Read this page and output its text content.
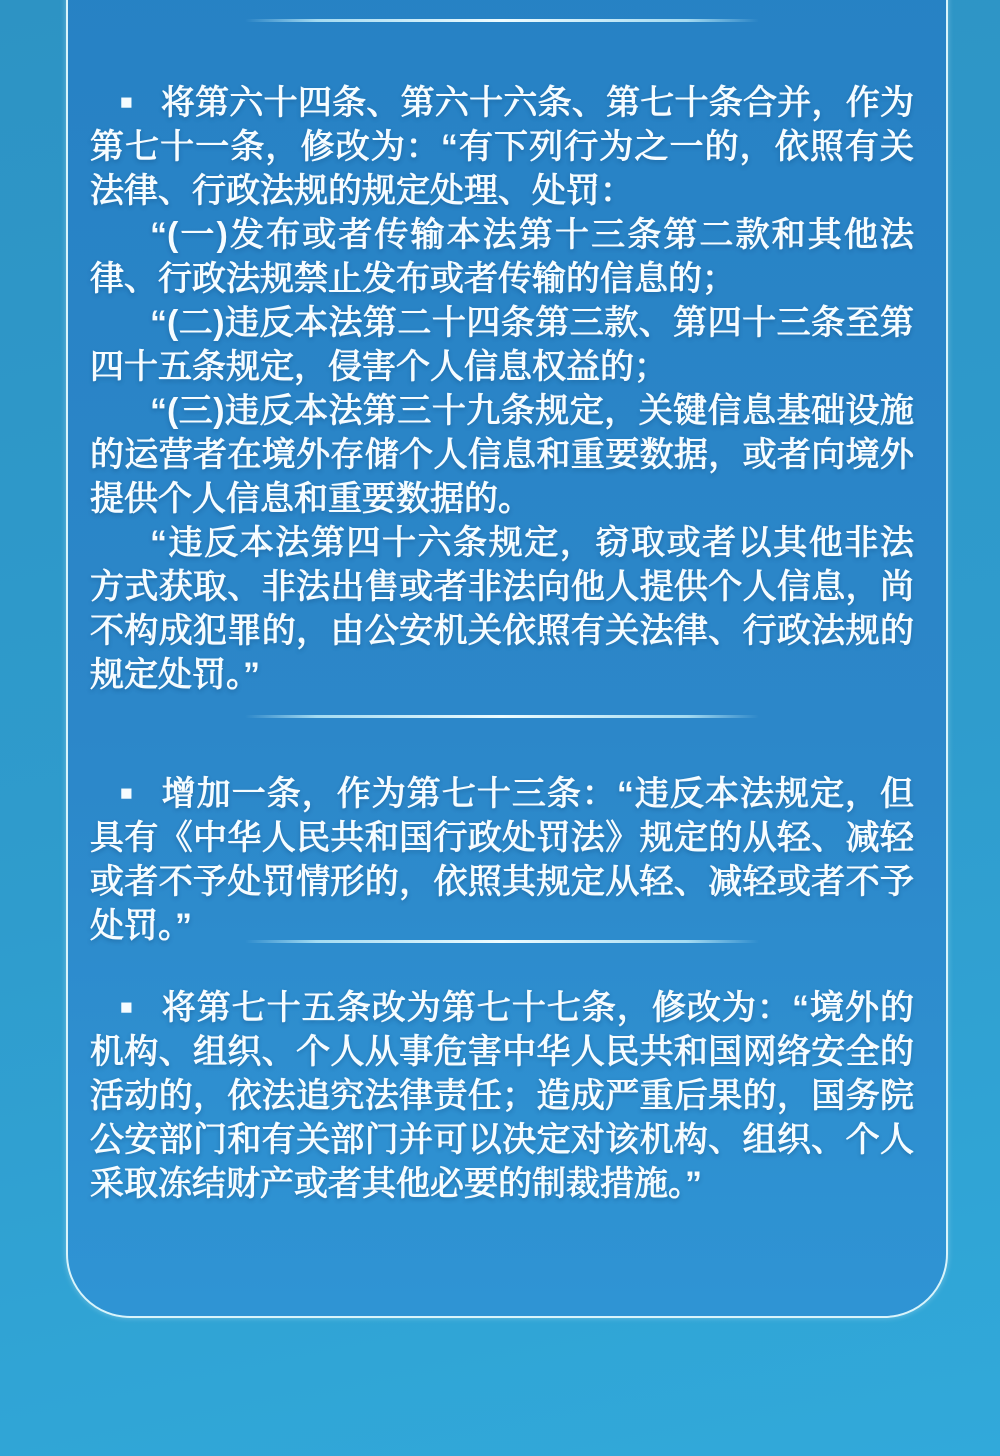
■ 将第六十四条、第六十六条、第七十条合并，作为第七十一条，修改为：“有下列行为之一的，依照有关法律、行政法规的规定处理、处罚：

“(一)发布或者传输本法第十三条第二款和其他法律、行政法规禁止发布或者传输的信息的；

“(二)违反本法第二十四条第三款、第四十三条至第四十五条规定，侵害个人信息权益的；

“(三)违反本法第三十九条规定，关键信息基础设施的运营者在境外存储个人信息和重要数据，或者向境外提供个人信息和重要数据的。

“违反本法第四十六条规定，窃取或者以其他非法方式获取、非法出售或者非法向他人提供个人信息，尚不构成犯罪的，由公安机关依照有关法律、行政法规的规定处罚。”

■ 增加一条，作为第七十三条：“违反本法规定，但具有《中华人民共和国行政处罚法》规定的从轻、减轻或者不予处罚情形的，依照其规定从轻、减轻或者不予处罚。”

■ 将第七十五条改为第七十七条，修改为：“境外的机构、组织、个人从事危害中华人民共和国网络安全的活动的，依法追究法律责任；造成严重后果的，国务院公安部门和有关部门并可以决定对该机构、组织、个人采取冻结财产或者其他必要的制裁措施。”
